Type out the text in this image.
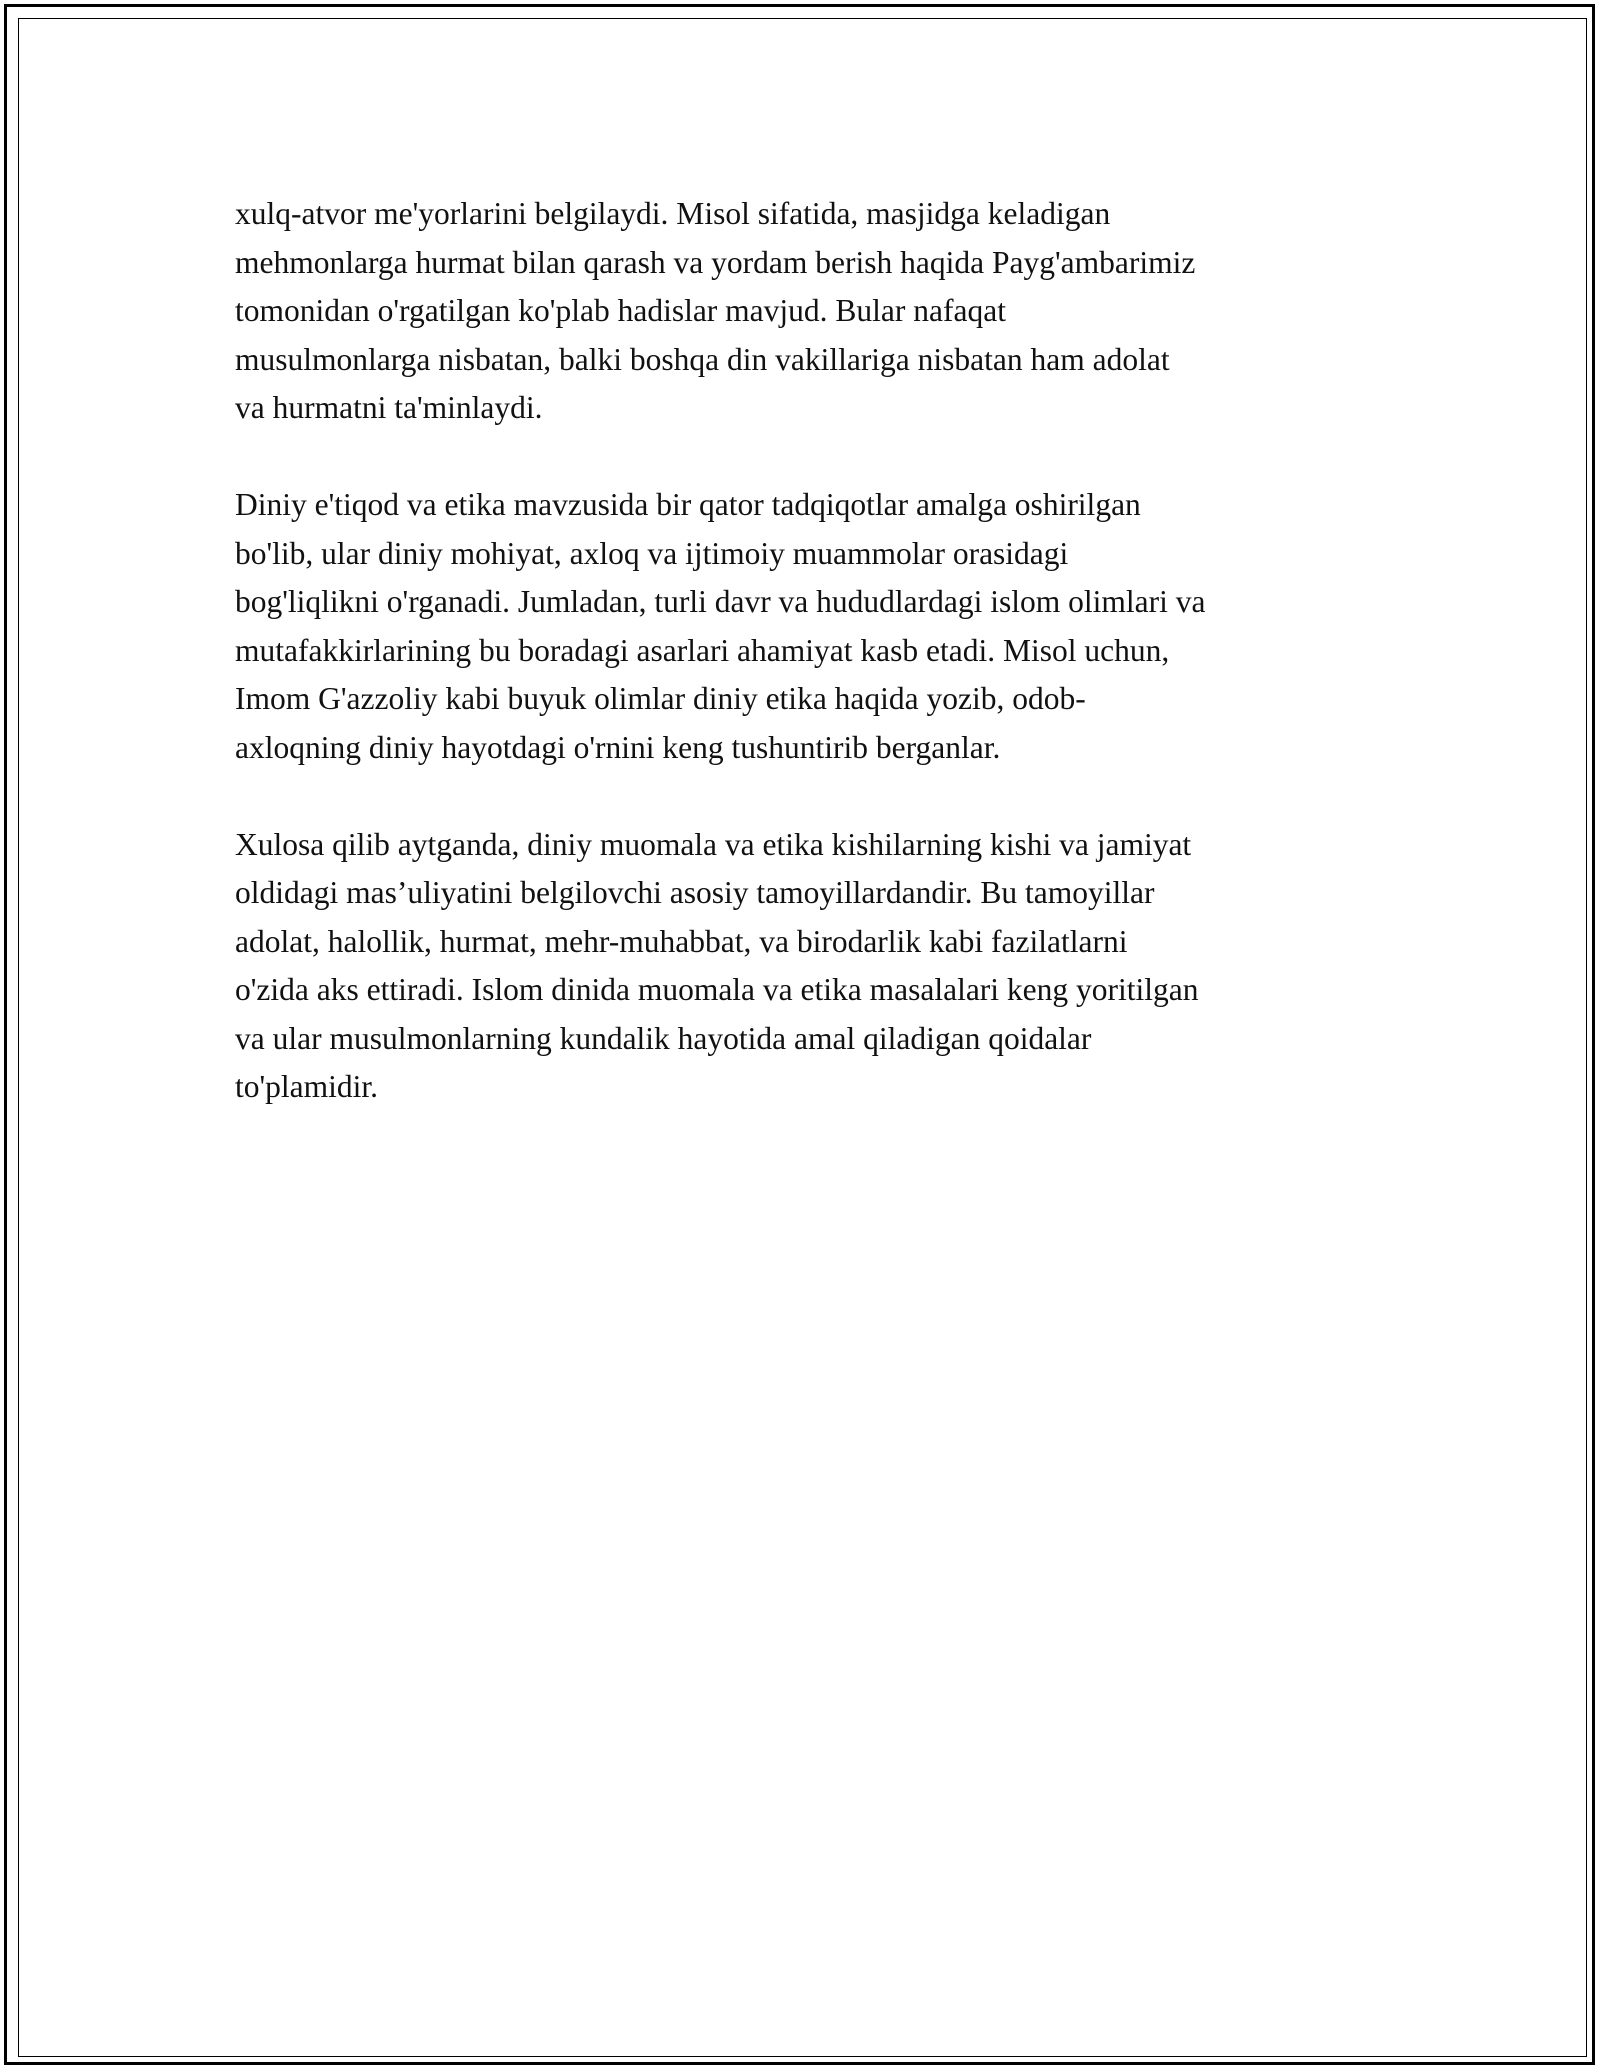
xulq-atvor me'yorlarini belgilaydi. Misol sifatida, masjidga keladigan
mehmonlarga hurmat bilan qarash va yordam berish haqida Payg'ambarimiz
tomonidan o'rgatilgan ko'plab hadislar mavjud. Bular nafaqat
musulmonlarga nisbatan, balki boshqa din vakillariga nisbatan ham adolat
va hurmatni ta'minlaydi.

Diniy e'tiqod va etika mavzusida bir qator tadqiqotlar amalga oshirilgan
bo'lib, ular diniy mohiyat, axloq va ijtimoiy muammolar orasidagi
bog'liqlikni o'rganadi. Jumladan, turli davr va hududlardagi islom olimlari va
mutafakkirlarining bu boradagi asarlari ahamiyat kasb etadi. Misol uchun,
Imom G'azzoliy kabi buyuk olimlar diniy etika haqida yozib, odob-
axloqning diniy hayotdagi o'rnini keng tushuntirib berganlar.

Xulosa qilib aytganda, diniy muomala va etika kishilarning kishi va jamiyat
oldidagi mas’uliyatini belgilovchi asosiy tamoyillardandir. Bu tamoyillar
adolat, halollik, hurmat, mehr-muhabbat, va birodarlik kabi fazilatlarni
o'zida aks ettiradi. Islom dinida muomala va etika masalalari keng yoritilgan
va ular musulmonlarning kundalik hayotida amal qiladigan qoidalar
to'plamidir.
